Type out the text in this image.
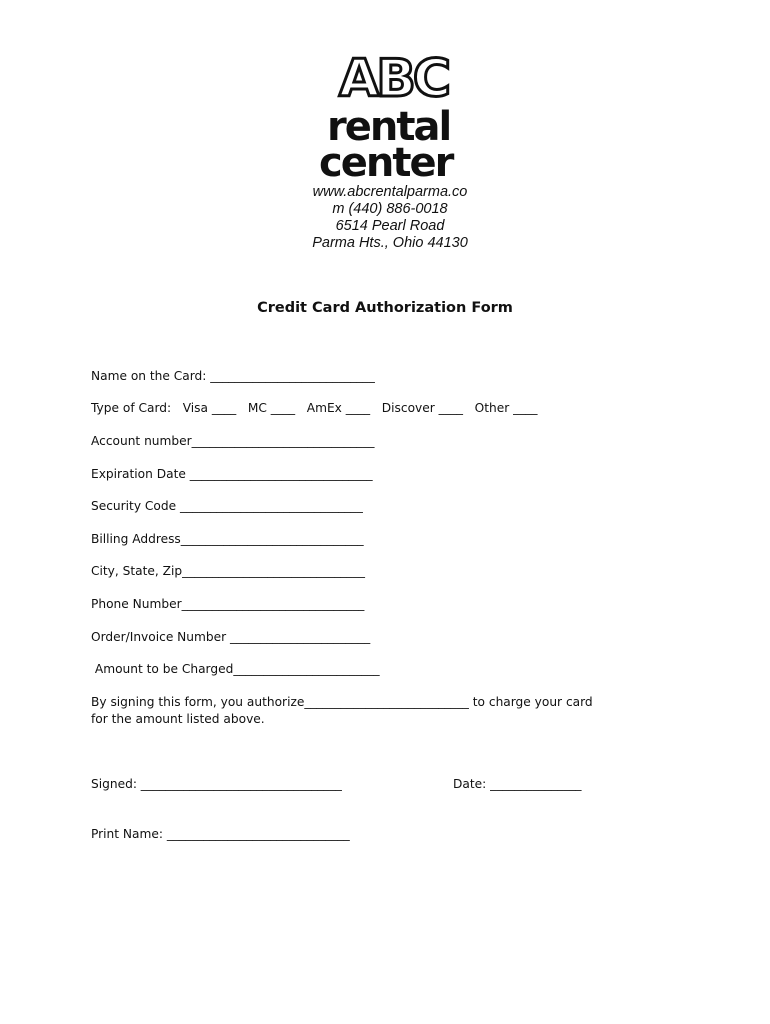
ABC
rental
center
www.abcrentalparma.co
m (440) 886-0018
6514 Pearl Road
Parma Hts., Ohio 44130
Credit Card Authorization Form
Name on the Card: ___________________________
Type of Card:   Visa ____   MC ____   AmEx ____   Discover ____   Other ____
Account number______________________________
Expiration Date ______________________________
Security Code ______________________________
Billing Address______________________________
City, State, Zip______________________________
Phone Number______________________________
Order/Invoice Number _______________________
Amount to be Charged________________________
By signing this form, you authorize___________________________ to charge your card
for the amount listed above.
Signed: _________________________________	Date: _______________
Print Name: ______________________________
